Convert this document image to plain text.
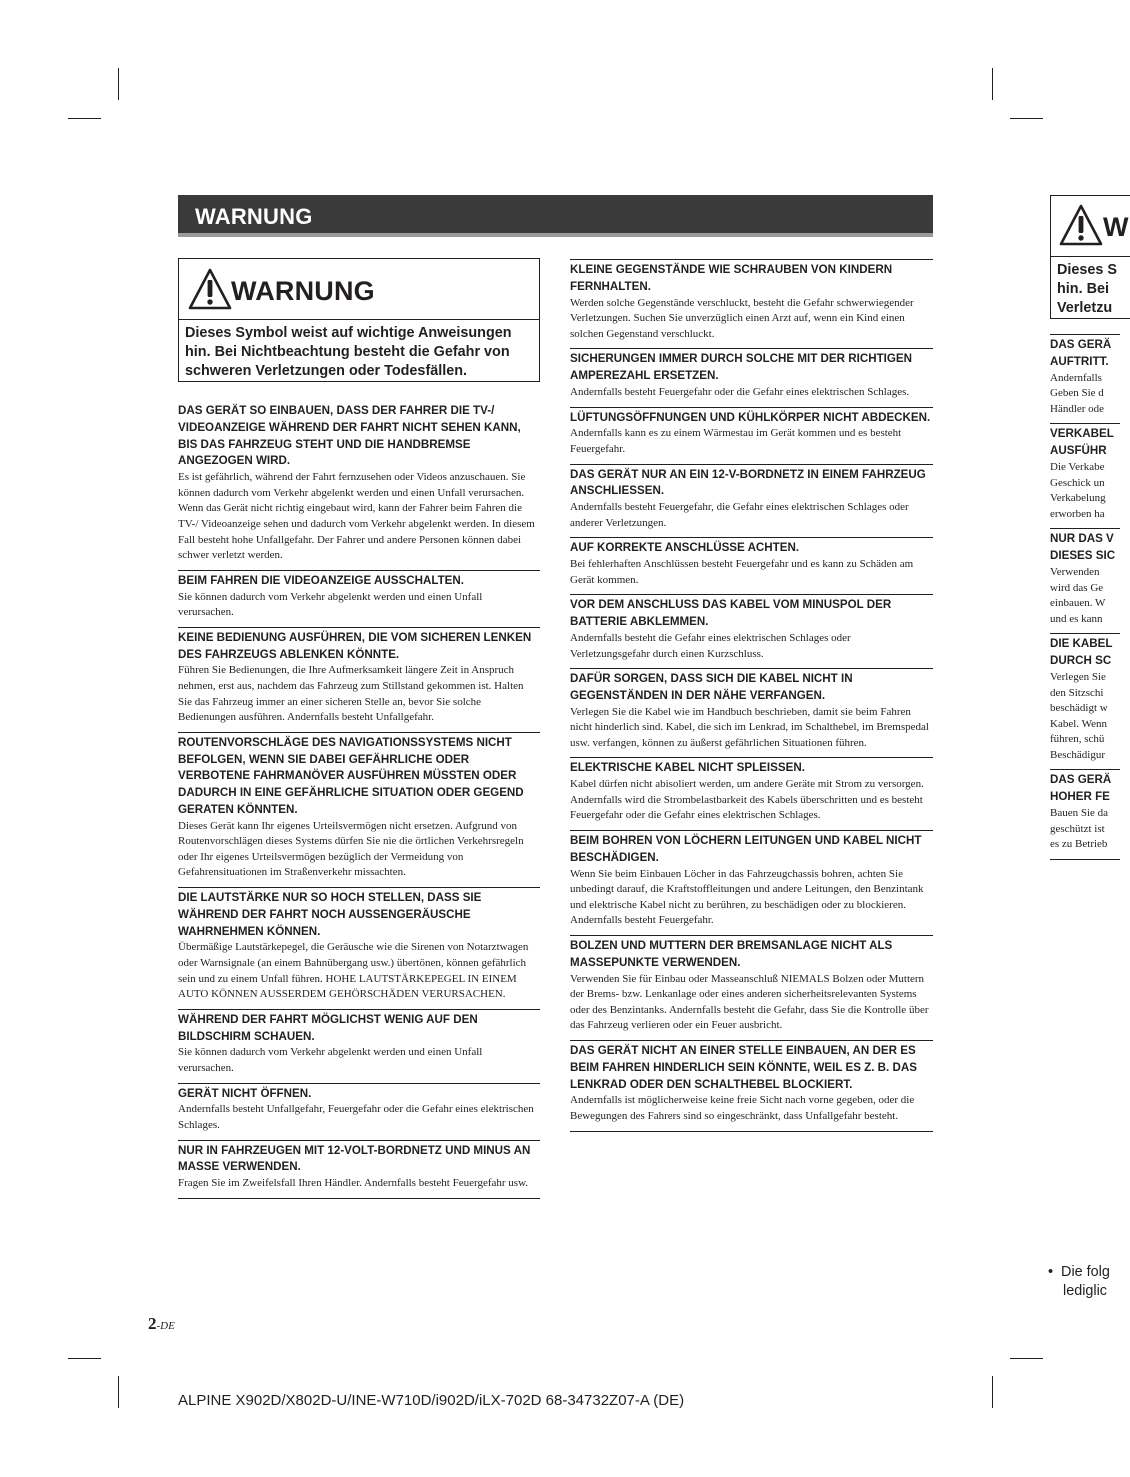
WARNUNG
WARNUNG
Dieses Symbol weist auf wichtige Anweisungen hin. Bei Nichtbeachtung besteht die Gefahr von schweren Verletzungen oder Todesfällen.
DAS GERÄT SO EINBAUEN, DASS DER FAHRER DIE TV-/ VIDEOANZEIGE WÄHREND DER FAHRT NICHT SEHEN KANN, BIS DAS FAHRZEUG STEHT UND DIE HANDBREMSE ANGEZOGEN WIRD.
Es ist gefährlich, während der Fahrt fernzusehen oder Videos anzuschauen. Sie können dadurch vom Verkehr abgelenkt werden und einen Unfall verursachen. Wenn das Gerät nicht richtig eingebaut wird, kann der Fahrer beim Fahren die TV-/ Videoanzeige sehen und dadurch vom Verkehr abgelenkt werden. In diesem Fall besteht hohe Unfallgefahr. Der Fahrer und andere Personen können dabei schwer verletzt werden.
BEIM FAHREN DIE VIDEOANZEIGE AUSSCHALTEN.
Sie können dadurch vom Verkehr abgelenkt werden und einen Unfall verursachen.
KEINE BEDIENUNG AUSFÜHREN, DIE VOM SICHEREN LENKEN DES FAHRZEUGS ABLENKEN KÖNNTE.
Führen Sie Bedienungen, die Ihre Aufmerksamkeit längere Zeit in Anspruch nehmen, erst aus, nachdem das Fahrzeug zum Stillstand gekommen ist. Halten Sie das Fahrzeug immer an einer sicheren Stelle an, bevor Sie solche Bedienungen ausführen. Andernfalls besteht Unfallgefahr.
ROUTENVORSCHLÄGE DES NAVIGATIONSSYSTEMS NICHT BEFOLGEN, WENN SIE DABEI GEFÄHRLICHE ODER VERBOTENE FAHRMANÖVER AUSFÜHREN MÜSSTEN ODER DADURCH IN EINE GEFÄHRLICHE SITUATION ODER GEGEND GERATEN KÖNNTEN.
Dieses Gerät kann Ihr eigenes Urteilsvermögen nicht ersetzen. Aufgrund von Routenvorschlägen dieses Systems dürfen Sie nie die örtlichen Verkehrsregeln oder Ihr eigenes Urteilsvermögen bezüglich der Vermeidung von Gefahrensituationen im Straßenverkehr missachten.
DIE LAUTSTÄRKE NUR SO HOCH STELLEN, DASS SIE WÄHREND DER FAHRT NOCH AUSSENGERÄUSCHE WAHRNEHMEN KÖNNEN.
Übermäßige Lautstärkepegel, die Geräusche wie die Sirenen von Notarztwagen oder Warnsignale (an einem Bahnübergang usw.) übertönen, können gefährlich sein und zu einem Unfall führen. HOHE LAUTSTÄRKEPEGEL IN EINEM AUTO KÖNNEN AUSSERDEM GEHÖRSCHÄDEN VERURSACHEN.
WÄHREND DER FAHRT MÖGLICHST WENIG AUF DEN BILDSCHIRM SCHAUEN.
Sie können dadurch vom Verkehr abgelenkt werden und einen Unfall verursachen.
GERÄT NICHT ÖFFNEN.
Andernfalls besteht Unfallgefahr, Feuergefahr oder die Gefahr eines elektrischen Schlages.
NUR IN FAHRZEUGEN MIT 12-VOLT-BORDNETZ UND MINUS AN MASSE VERWENDEN.
Fragen Sie im Zweifelsfall Ihren Händler. Andernfalls besteht Feuergefahr usw.
KLEINE GEGENSTÄNDE WIE SCHRAUBEN VON KINDERN FERNHALTEN.
Werden solche Gegenstände verschluckt, besteht die Gefahr schwerwiegender Verletzungen. Suchen Sie unverzüglich einen Arzt auf, wenn ein Kind einen solchen Gegenstand verschluckt.
SICHERUNGEN IMMER DURCH SOLCHE MIT DER RICHTIGEN AMPEREZAHL ERSETZEN.
Andernfalls besteht Feuergefahr oder die Gefahr eines elektrischen Schlages.
LÜFTUNGSÖFFNUNGEN UND KÜHLKÖRPER NICHT ABDECKEN.
Andernfalls kann es zu einem Wärmestau im Gerät kommen und es besteht Feuergefahr.
DAS GERÄT NUR AN EIN 12-V-BORDNETZ IN EINEM FAHRZEUG ANSCHLIESSEN.
Andernfalls besteht Feuergefahr, die Gefahr eines elektrischen Schlages oder anderer Verletzungen.
AUF KORREKTE ANSCHLÜSSE ACHTEN.
Bei fehlerhaften Anschlüssen besteht Feuergefahr und es kann zu Schäden am Gerät kommen.
VOR DEM ANSCHLUSS DAS KABEL VOM MINUSPOL DER BATTERIE ABKLEMMEN.
Andernfalls besteht die Gefahr eines elektrischen Schlages oder Verletzungsgefahr durch einen Kurzschluss.
DAFÜR SORGEN, DASS SICH DIE KABEL NICHT IN GEGENSTÄNDEN IN DER NÄHE VERFANGEN.
Verlegen Sie die Kabel wie im Handbuch beschrieben, damit sie beim Fahren nicht hinderlich sind. Kabel, die sich im Lenkrad, im Schalthebel, im Bremspedal usw. verfangen, können zu äußerst gefährlichen Situationen führen.
ELEKTRISCHE KABEL NICHT SPLEISSEN.
Kabel dürfen nicht abisoliert werden, um andere Geräte mit Strom zu versorgen. Andernfalls wird die Strombelastbarkeit des Kabels überschritten und es besteht Feuergefahr oder die Gefahr eines elektrischen Schlages.
BEIM BOHREN VON LÖCHERN LEITUNGEN UND KABEL NICHT BESCHÄDIGEN.
Wenn Sie beim Einbauen Löcher in das Fahrzeugchassis bohren, achten Sie unbedingt darauf, die Kraftstoffleitungen und andere Leitungen, den Benzintank und elektrische Kabel nicht zu berühren, zu beschädigen oder zu blockieren. Andernfalls besteht Feuergefahr.
BOLZEN UND MUTTERN DER BREMSANLAGE NICHT ALS MASSEPUNKTE VERWENDEN.
Verwenden Sie für Einbau oder Masseanschluß NIEMALS Bolzen oder Muttern der Brems- bzw. Lenkanlage oder eines anderen sicherheitsrelevanten Systems oder des Benzintanks. Andernfalls besteht die Gefahr, dass Sie die Kontrolle über das Fahrzeug verlieren oder ein Feuer ausbricht.
DAS GERÄT NICHT AN EINER STELLE EINBAUEN, AN DER ES BEIM FAHREN HINDERLICH SEIN KÖNNTE, WEIL ES Z. B. DAS LENKRAD ODER DEN SCHALTHEBEL BLOCKIERT.
Andernfalls ist möglicherweise keine freie Sicht nach vorne gegeben, oder die Bewegungen des Fahrers sind so eingeschränkt, dass Unfallgefahr besteht.
2-DE
ALPINE X902D/X802D-U/INE-W710D/i902D/iLX-702D 68-34732Z07-A (DE)
W
Dieses S
hin. Bei
Verletzu
DAS GERÄ
AUFTRITT.
Andernfalls
Geben Sie d
Händler ode
VERKABEL
AUSFÜHR
Die Verkabe
Geschick un
Verkabelung
erworben ha
NUR DAS V
DIESES SIC
Verwenden
wird das Ge
einbauen. W
und es kann
DIE KABEL
DURCH SC
Verlegen Sie
den Sitzschi
beschädigt w
Kabel. Wenn
führen, schü
Beschädigur
DAS GERÄ
HOHER FE
Bauen Sie da
geschützt ist
es zu Betrieb
•  Die folg
lediglic
